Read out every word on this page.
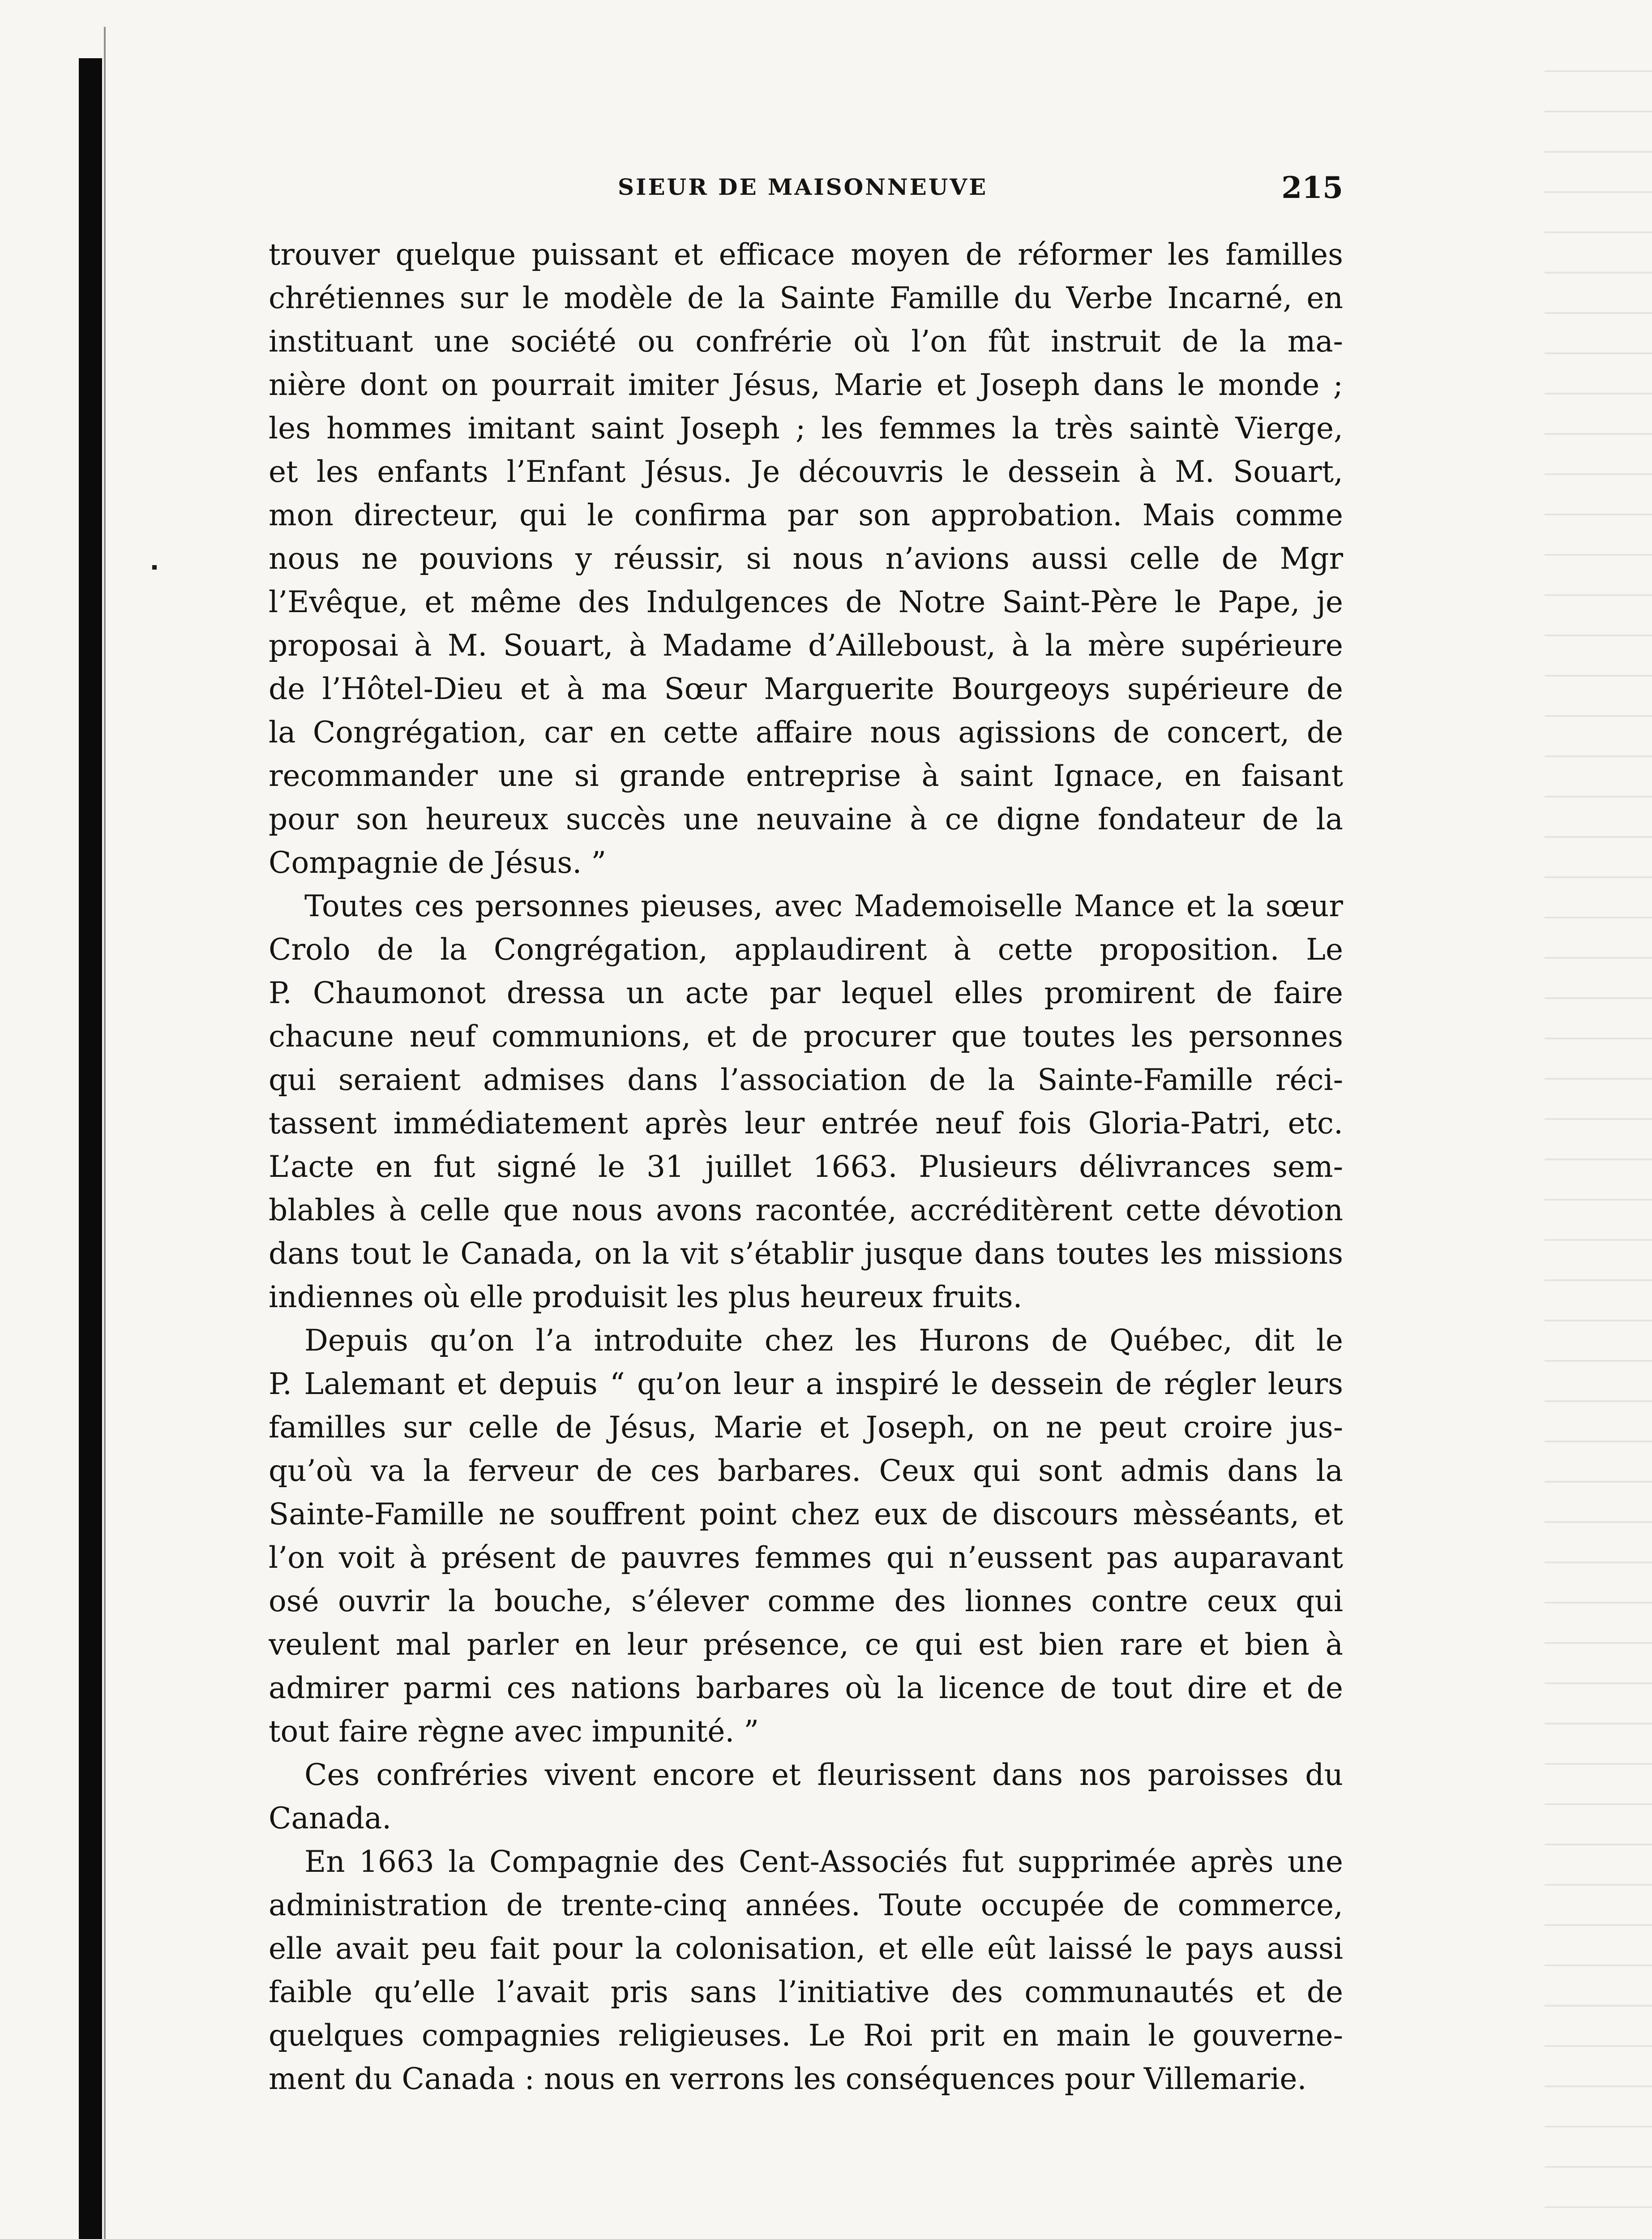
SIEUR DE MAISONNEUVE	215
trouver quelque puissant et efficace moyen de réformer les familles
chrétiennes sur le modèle de la Sainte Famille du Verbe Incarné, en
instituant une société ou confrérie où l’on fût instruit de la ma-
nière dont on pourrait imiter Jésus, Marie et Joseph dans le monde ;
les hommes imitant saint Joseph ; les femmes la très saintè Vierge,
et les enfants l’Enfant Jésus. Je découvris le dessein à M. Souart,
mon directeur, qui le confirma par son approbation. Mais comme
nous ne pouvions y réussir, si nous n’avions aussi celle de Mgr
l’Evêque, et même des Indulgences de Notre Saint-Père le Pape, je
proposai à M. Souart, à Madame d’Ailleboust, à la mère supérieure
de l’Hôtel-Dieu et à ma Sœur Marguerite Bourgeoys supérieure de
la Congrégation, car en cette affaire nous agissions de concert, de
recommander une si grande entreprise à saint Ignace, en faisant
pour son heureux succès une neuvaine à ce digne fondateur de la
Compagnie de Jésus. ”
Toutes ces personnes pieuses, avec Mademoiselle Mance et la sœur
Crolo de la Congrégation, applaudirent à cette proposition. Le
P. Chaumonot dressa un acte par lequel elles promirent de faire
chacune neuf communions, et de procurer que toutes les personnes
qui seraient admises dans l’association de la Sainte-Famille réci-
tassent immédiatement après leur entrée neuf fois Gloria-Patri, etc.
L’acte en fut signé le 31 juillet 1663. Plusieurs délivrances sem-
blables à celle que nous avons racontée, accréditèrent cette dévotion
dans tout le Canada, on la vit s’établir jusque dans toutes les missions
indiennes où elle produisit les plus heureux fruits.
Depuis qu’on l’a introduite chez les Hurons de Québec, dit le
P. Lalemant et depuis “ qu’on leur a inspiré le dessein de régler leurs
familles sur celle de Jésus, Marie et Joseph, on ne peut croire jus-
qu’où va la ferveur de ces barbares. Ceux qui sont admis dans la
Sainte-Famille ne souffrent point chez eux de discours mèsséants, et
l’on voit à présent de pauvres femmes qui n’eussent pas auparavant
osé ouvrir la bouche, s’élever comme des lionnes contre ceux qui
veulent mal parler en leur présence, ce qui est bien rare et bien à
admirer parmi ces nations barbares où la licence de tout dire et de
tout faire règne avec impunité. ”
Ces confréries vivent encore et fleurissent dans nos paroisses du
Canada.
En 1663 la Compagnie des Cent-Associés fut supprimée après une
administration de trente-cinq années. Toute occupée de commerce,
elle avait peu fait pour la colonisation, et elle eût laissé le pays aussi
faible qu’elle l’avait pris sans l’initiative des communautés et de
quelques compagnies religieuses. Le Roi prit en main le gouverne-
ment du Canada : nous en verrons les conséquences pour Villemarie.
